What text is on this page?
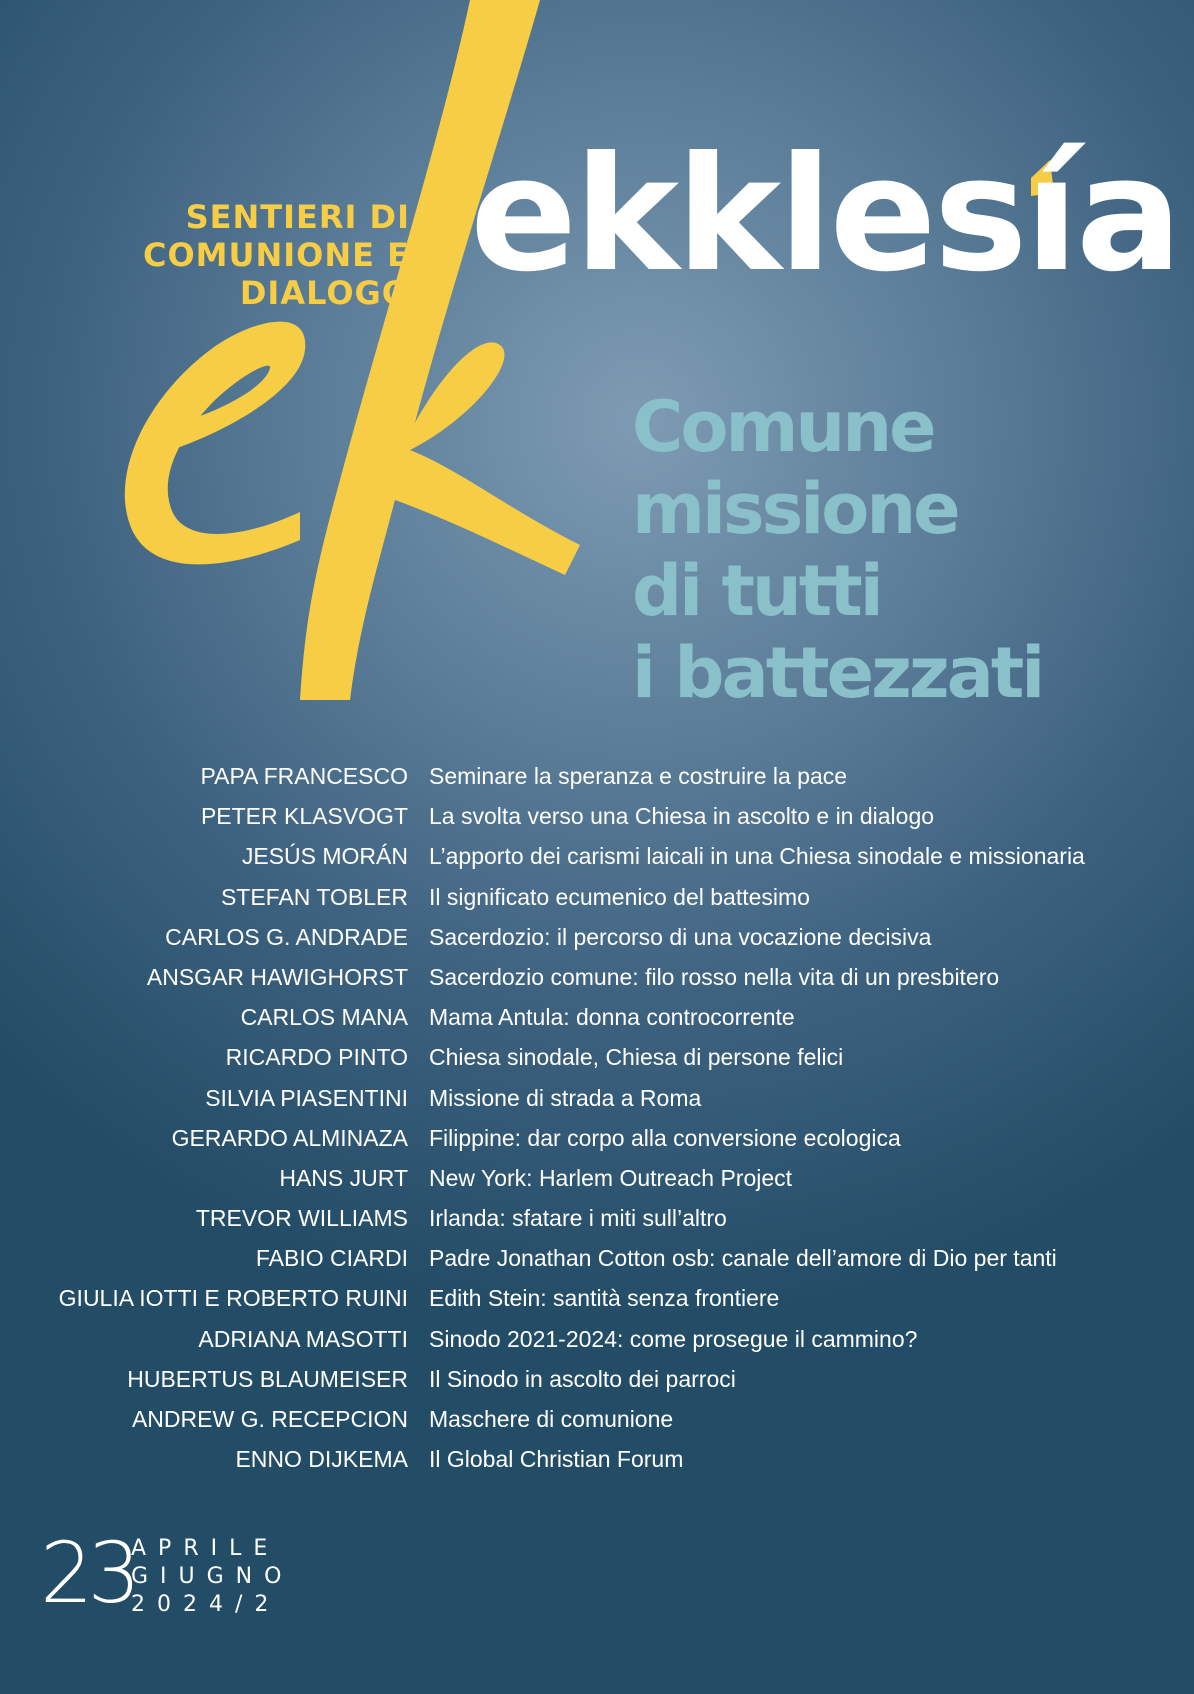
SENTIERI DI
COMUNIONE E
DIALOGO ekklesía
Comune
missione
di tutti
i battezzati
PAPA FRANCESCO Seminare la speranza e costruire la pace
PETER KLASVOGT La svolta verso una Chiesa in ascolto e in dialogo
JESÚS MORÁN L’apporto dei carismi laicali in una Chiesa sinodale e missionaria
STEFAN TOBLER Il significato ecumenico del battesimo
CARLOS G. ANDRADE Sacerdozio: il percorso di una vocazione decisiva
ANSGAR HAWIGHORST Sacerdozio comune: filo rosso nella vita di un presbitero
CARLOS MANA Mama Antula: donna controcorrente
RICARDO PINTO Chiesa sinodale, Chiesa di persone felici
SILVIA PIASENTINI Missione di strada a Roma
GERARDO ALMINAZA Filippine: dar corpo alla conversione ecologica
HANS JURT New York: Harlem Outreach Project
TREVOR WILLIAMS Irlanda: sfatare i miti sull’altro
FABIO CIARDI Padre Jonathan Cotton osb: canale dell’amore di Dio per tanti
GIULIA IOTTI E ROBERTO RUINI Edith Stein: santità senza frontiere
ADRIANA MASOTTI Sinodo 2021-2024: come prosegue il cammino?
HUBERTUS BLAUMEISER Il Sinodo in ascolto dei parroci
ANDREW G. RECEPCION Maschere di comunione
ENNO DIJKEMA Il Global Christian Forum
23
APRILE
GIUGNO
2024/2
